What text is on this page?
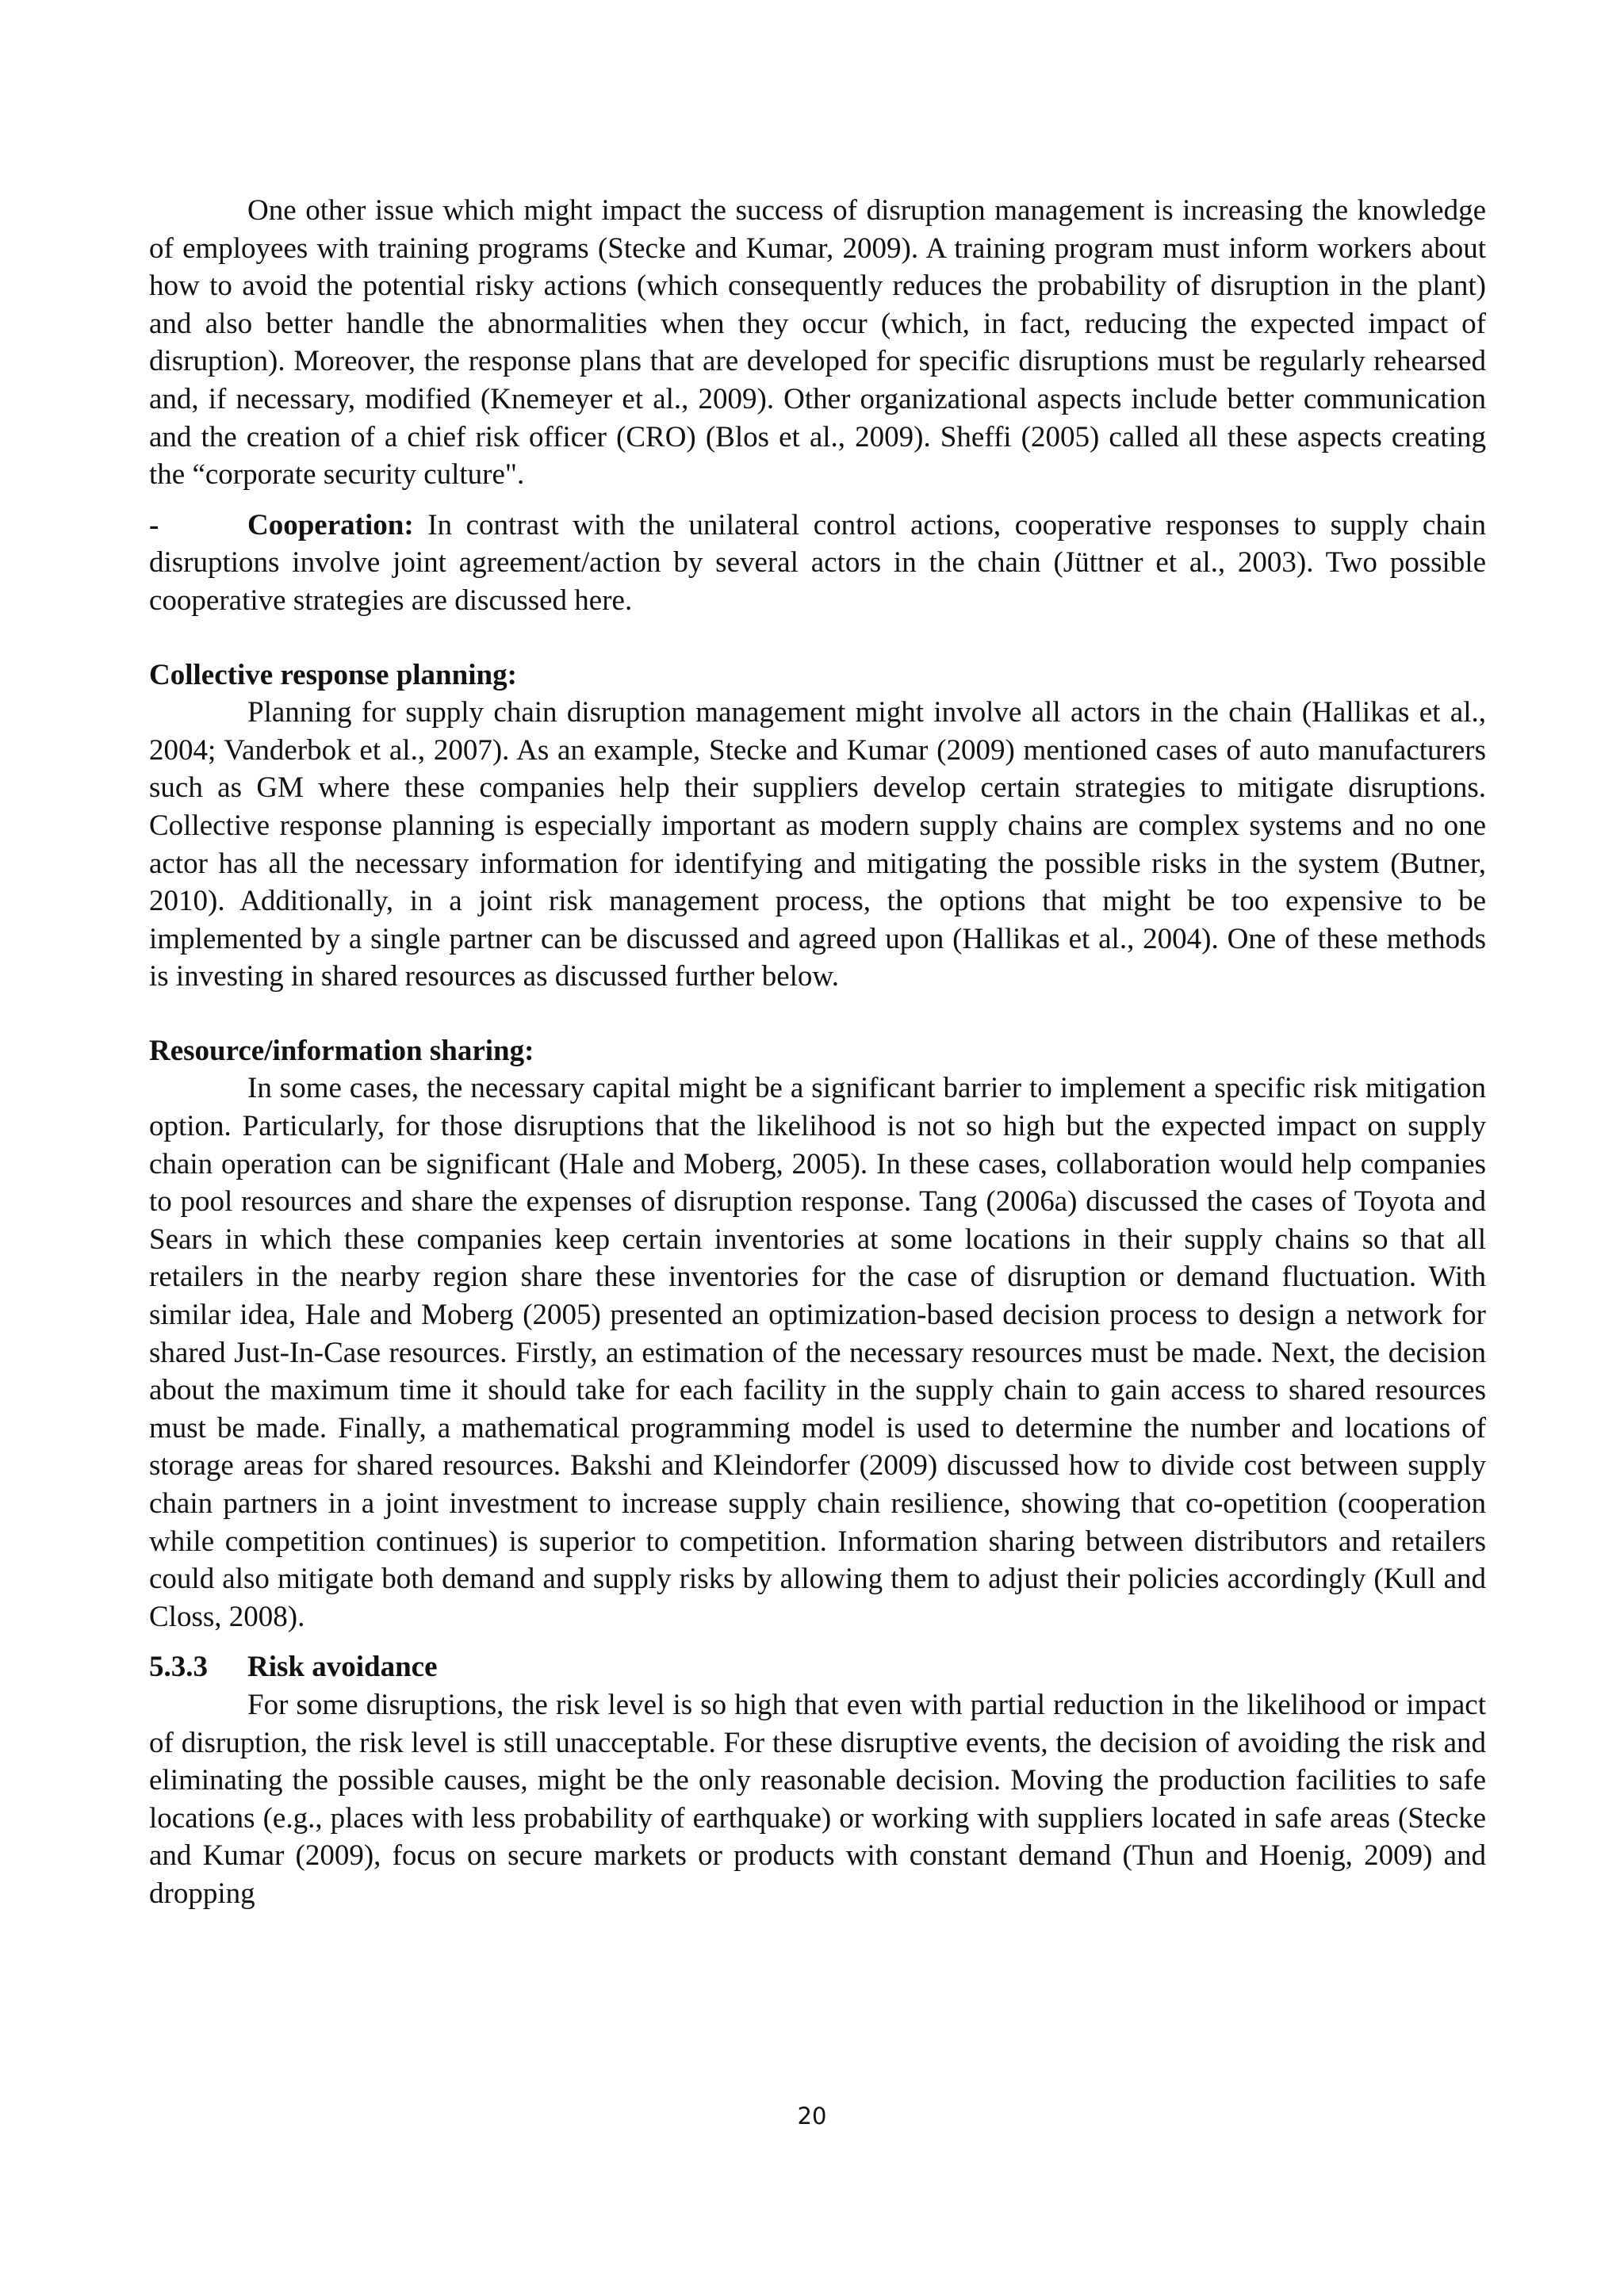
One other issue which might impact the success of disruption management is increasing the knowledge of employees with training programs (Stecke and Kumar, 2009). A training program must inform workers about how to avoid the potential risky actions (which consequently reduces the probability of disruption in the plant) and also better handle the abnormalities when they occur (which, in fact, reducing the expected impact of disruption). Moreover, the response plans that are developed for specific disruptions must be regularly rehearsed and, if necessary, modified (Knemeyer et al., 2009). Other organizational aspects include better communication and the creation of a chief risk officer (CRO) (Blos et al., 2009). Sheffi (2005) called all these aspects creating the “corporate security culture".

-	Cooperation: In contrast with the unilateral control actions, cooperative responses to supply chain disruptions involve joint agreement/action by several actors in the chain (Jüttner et al., 2003). Two possible cooperative strategies are discussed here.

Collective response planning:

Planning for supply chain disruption management might involve all actors in the chain (Hallikas et al., 2004; Vanderbok et al., 2007). As an example, Stecke and Kumar (2009) mentioned cases of auto manufacturers such as GM where these companies help their suppliers develop certain strategies to mitigate disruptions. Collective response planning is especially important as modern supply chains are complex systems and no one actor has all the necessary information for identifying and mitigating the possible risks in the system (Butner, 2010). Additionally, in a joint risk management process, the options that might be too expensive to be implemented by a single partner can be discussed and agreed upon (Hallikas et al., 2004). One of these methods is investing in shared resources as discussed further below.

Resource/information sharing:

In some cases, the necessary capital might be a significant barrier to implement a specific risk mitigation option. Particularly, for those disruptions that the likelihood is not so high but the expected impact on supply chain operation can be significant (Hale and Moberg, 2005). In these cases, collaboration would help companies to pool resources and share the expenses of disruption response. Tang (2006a) discussed the cases of Toyota and Sears in which these companies keep certain inventories at some locations in their supply chains so that all retailers in the nearby region share these inventories for the case of disruption or demand fluctuation. With similar idea, Hale and Moberg (2005) presented an optimization-based decision process to design a network for shared Just-In-Case resources. Firstly, an estimation of the necessary resources must be made. Next, the decision about the maximum time it should take for each facility in the supply chain to gain access to shared resources must be made. Finally, a mathematical programming model is used to determine the number and locations of storage areas for shared resources. Bakshi and Kleindorfer (2009) discussed how to divide cost between supply chain partners in a joint investment to increase supply chain resilience, showing that co-opetition (cooperation while competition continues) is superior to competition. Information sharing between distributors and retailers could also mitigate both demand and supply risks by allowing them to adjust their policies accordingly (Kull and Closs, 2008).

5.3.3 Risk avoidance

For some disruptions, the risk level is so high that even with partial reduction in the likelihood or impact of disruption, the risk level is still unacceptable. For these disruptive events, the decision of avoiding the risk and eliminating the possible causes, might be the only reasonable decision. Moving the production facilities to safe locations (e.g., places with less probability of earthquake) or working with suppliers located in safe areas (Stecke and Kumar (2009), focus on secure markets or products with constant demand (Thun and Hoenig, 2009) and dropping

20
